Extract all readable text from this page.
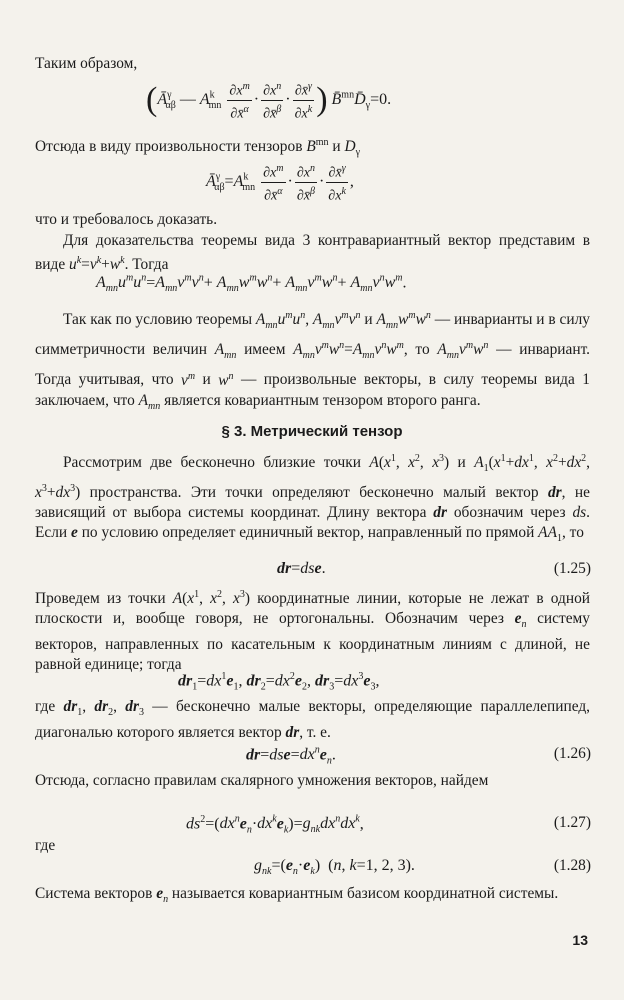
Таким образом,
($Ā^\gamma_{\alpha\beta}$ — $A^k_{mn} \frac{\partial x^m}{\partial x̄^\alpha} \cdot \frac{\partial x^n}{\partial x̄^\beta} \cdot \frac{\partial x̄^\gamma}{\partial x^k}$ ) $B̄^{mn}D̄_\gamma=0$.
Отсюда в виду произвольности тензоров $B^{mn}$ и $D_\gamma$
$Ā^\gamma_{\alpha\beta}=A^k_{mn} \frac{\partial x^m}{\partial x̄^\alpha} \cdot \frac{\partial x^n}{\partial x̄^\beta} \cdot \frac{\partial x̄^\gamma}{\partial x^k}$ ,
что и требовалось доказать.
Для доказательства теоремы вида 3 контравариантный вектор представим в виде $u^k=v^k+w^k$. Тогда
$A_{mn}u^mu^n=A_{mn}v^mv^n+ A_{mn}w^mw^n+ A_{mn}v^mw^n+ A_{mn}v^nw^m$.
Так как по условию теоремы $A_{mn}u^mu^n$, $A_{mn}v^mv^n$ и $A_{mn}w^mw^n$ — инварианты и в силу симметричности величин $A_{mn}$ имеем $A_{mn}v^mw^n=A_{mn}v^nw^m$, то $A_{mn}v^mw^n$ — инвариант. Тогда учитывая, что $v^m$ и $w^n$ — произвольные векторы, в силу теоремы вида 1 заключаем, что $A_{mn}$ является ковариантным тензором второго ранга.
§ 3. Метрический тензор
Рассмотрим две бесконечно близкие точки $A(x^1$, $x^2$, $x^3$) и $A_1(x^1+dx^1$, $x^2+dx^2$, $x^3+dx^3$) пространства. Эти точки определяют бесконечно малый вектор dr, не зависящий от выбора системы координат. Длину вектора dr обозначим через ds. Если e по условию определяет единичный вектор, направленный по прямой $AA_1$, то
dr=dse.	(1.25)
Проведем из точки $A(x^1$, $x^2$, $x^3$) координатные линии, которые не лежат в одной плоскости и, вообще говоря, не ортогональны. Обозначим через $e_n$ систему векторов, направленных по касательным к координатным линиям с длиной, не равной единице; тогда
$dr_1=dx^1e_1$, $dr_2=dx^2e_2$, $dr_3=dx^3e_3$,
где $dr_1$, $dr_2$, $dr_3$ — бесконечно малые векторы, определяющие параллелепипед, диагональю которого является вектор dr, т. е.
$dr=dse=dx^ne_n$.	(1.26)
Отсюда, согласно правилам скалярного умножения векторов, найдем
$ds^2=(dx^ne_n\cdot dx^ke_k)=g_{nk}dx^ndx^k$,	(1.27)
где
$g_{nk}=(e_n\cdot e_k)$  (n, k=1, 2, 3).	(1.28)
Система векторов $e_n$ называется ковариантным базисом координатной системы.
13
